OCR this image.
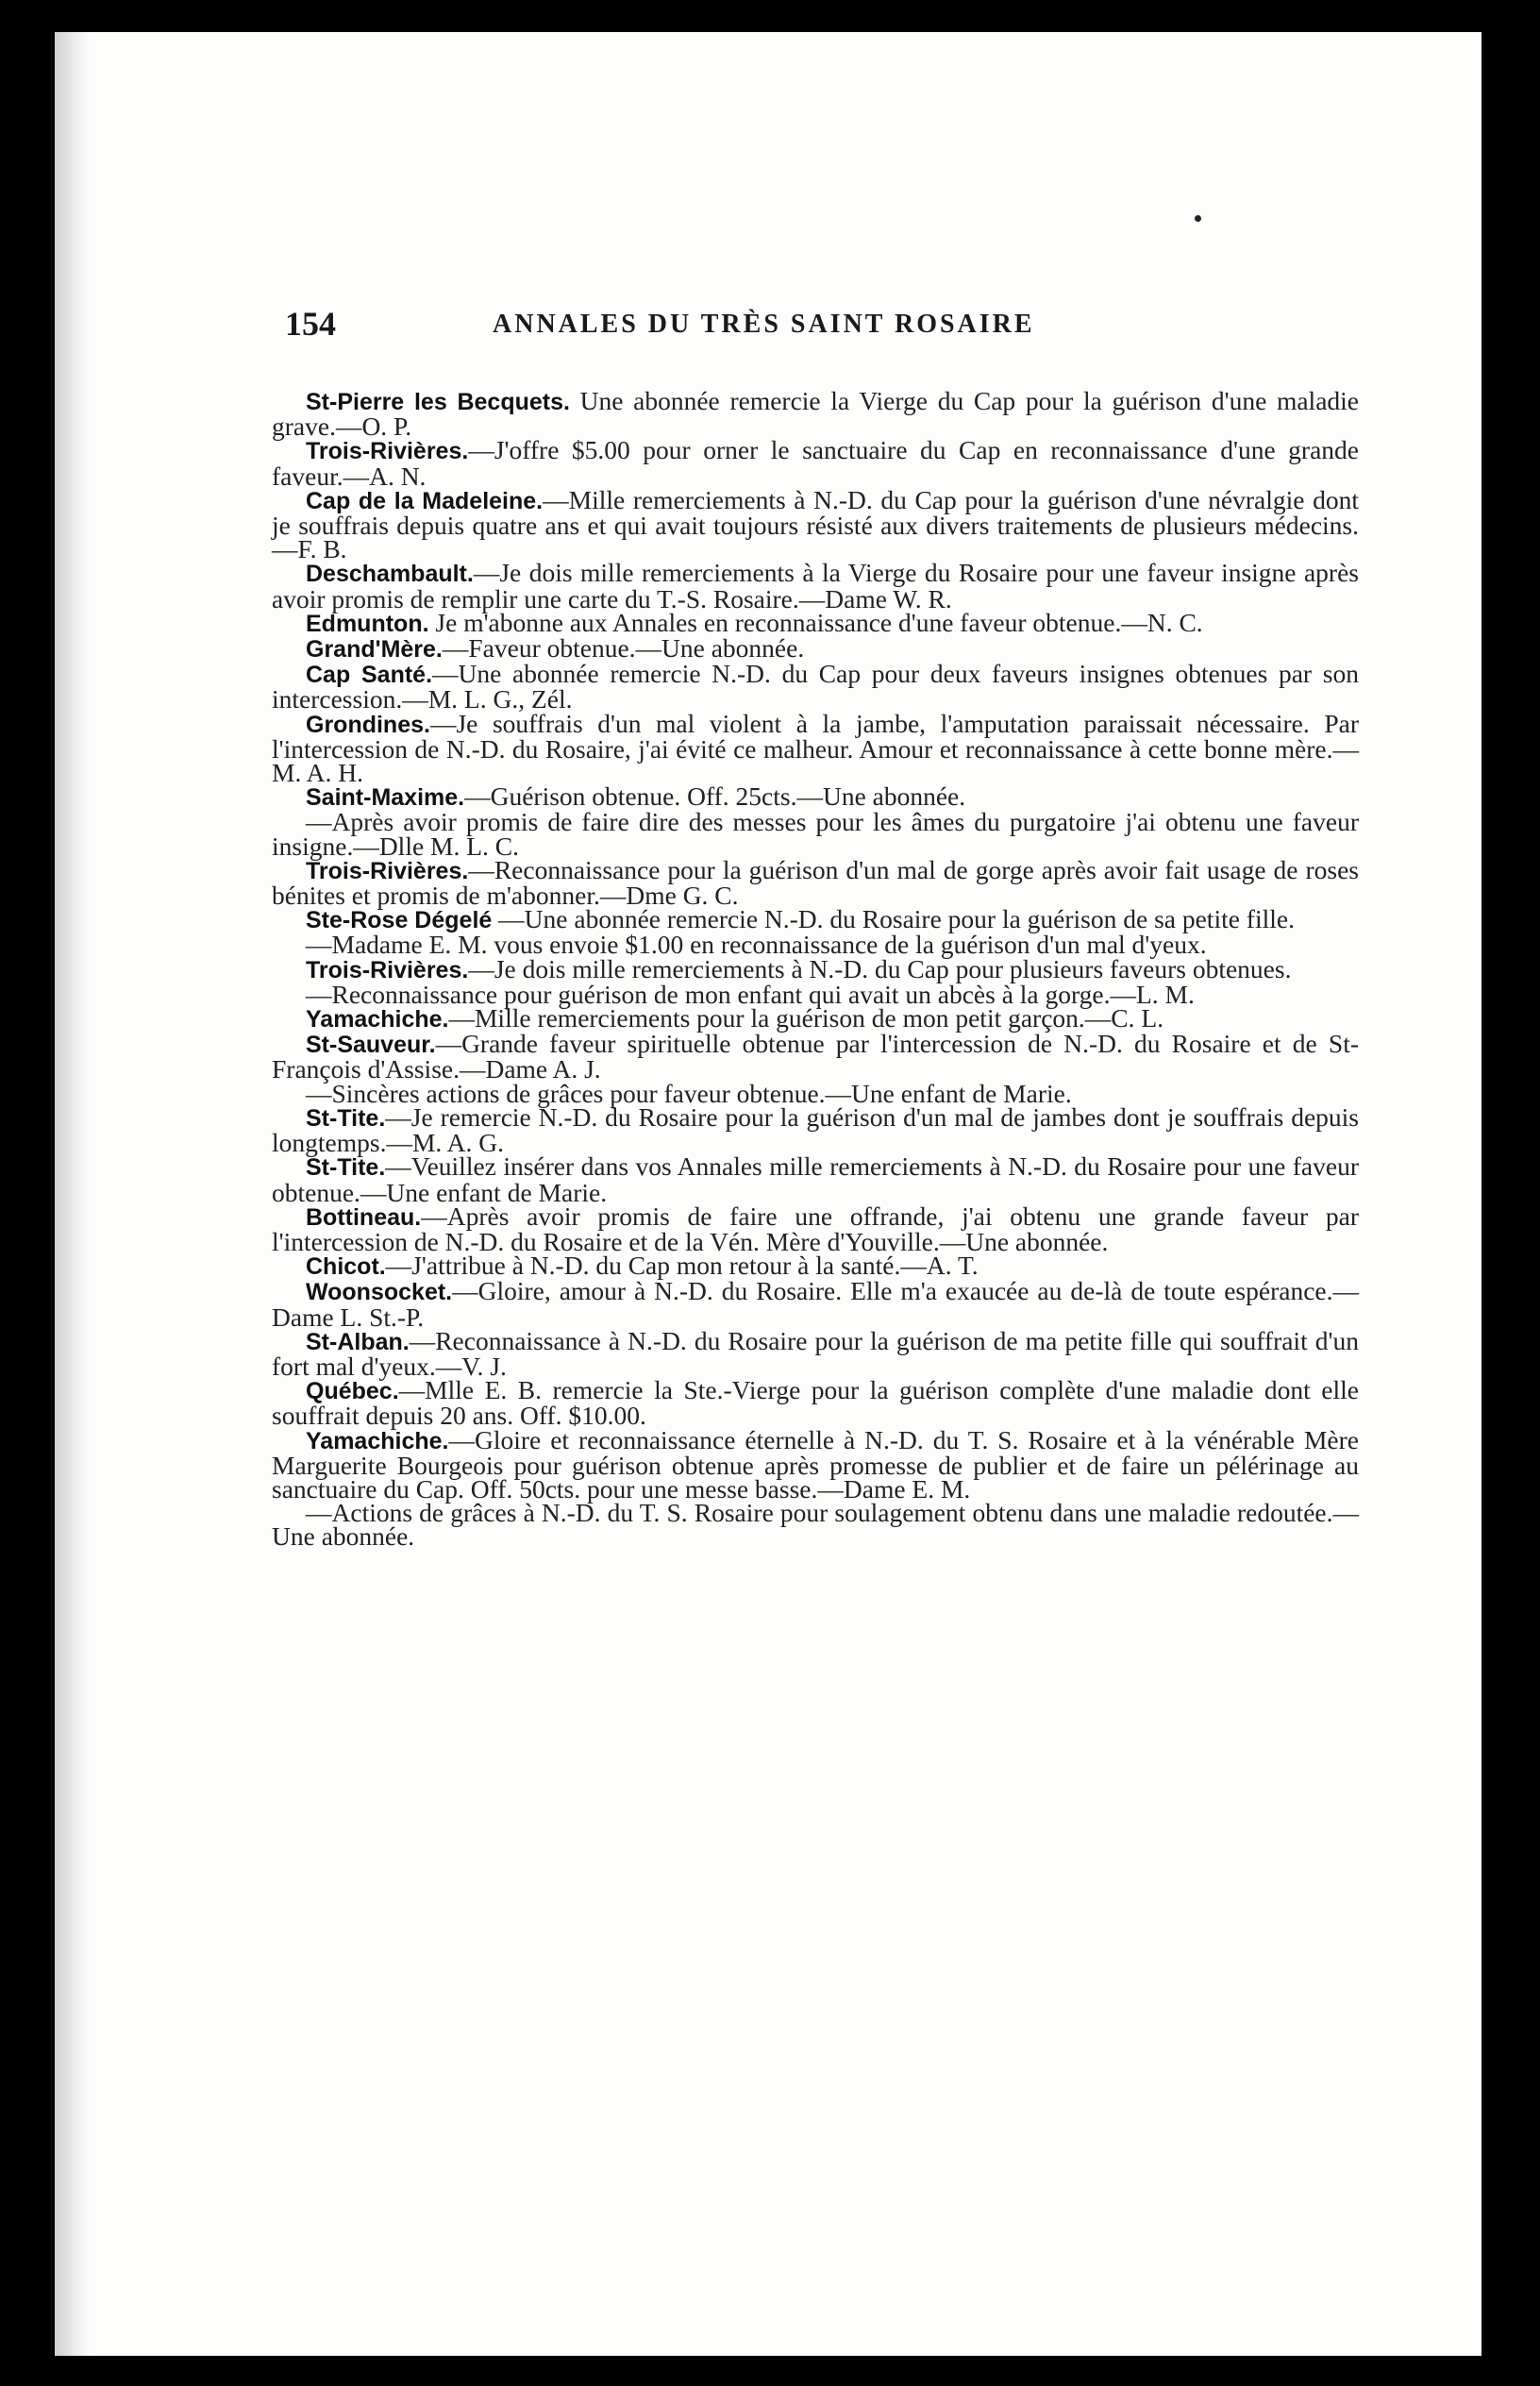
154	ANNALES DU TRÈS SAINT ROSAIRE

St-Pierre les Becquets. Une abonnée remercie la Vierge du Cap pour la guérison d'une maladie grave.—O. P.

Trois-Rivières.—J'offre $5.00 pour orner le sanctuaire du Cap en reconnaissance d'une grande faveur.—A. N.

Cap de la Madeleine.—Mille remerciements à N.-D. du Cap pour la guérison d'une névralgie dont je souffrais depuis quatre ans et qui avait toujours résisté aux divers traitements de plusieurs médecins.—F. B.

Deschambault.—Je dois mille remerciements à la Vierge du Rosaire pour une faveur insigne après avoir promis de remplir une carte du T.-S. Rosaire.—Dame W. R.

Edmunton. Je m'abonne aux Annales en reconnaissance d'une faveur obtenue.—N. C.

Grand'Mère.—Faveur obtenue.—Une abonnée.

Cap Santé.—Une abonnée remercie N.-D. du Cap pour deux faveurs insignes obtenues par son intercession.—M. L. G., Zél.

Grondines.—Je souffrais d'un mal violent à la jambe, l'amputation paraissait nécessaire. Par l'intercession de N.-D. du Rosaire, j'ai évité ce malheur. Amour et reconnaissance à cette bonne mère.—M. A. H.

Saint-Maxime.—Guérison obtenue. Off. 25cts.—Une abonnée.

—Après avoir promis de faire dire des messes pour les âmes du purgatoire j'ai obtenu une faveur insigne.—Dlle M. L. C.

Trois-Rivières.—Reconnaissance pour la guérison d'un mal de gorge après avoir fait usage de roses bénites et promis de m'abonner.—Dme G. C.

Ste-Rose Dégelé —Une abonnée remercie N.-D. du Rosaire pour la guérison de sa petite fille.

—Madame E. M. vous envoie $1.00 en reconnaissance de la guérison d'un mal d'yeux.

Trois-Rivières.—Je dois mille remerciements à N.-D. du Cap pour plusieurs faveurs obtenues.

—Reconnaissance pour guérison de mon enfant qui avait un abcès à la gorge.—L. M.

Yamachiche.—Mille remerciements pour la guérison de mon petit garçon.—C. L.

St-Sauveur.—Grande faveur spirituelle obtenue par l'intercession de N.-D. du Rosaire et de St-François d'Assise.—Dame A. J.

—Sincères actions de grâces pour faveur obtenue.—Une enfant de Marie.

St-Tite.—Je remercie N.-D. du Rosaire pour la guérison d'un mal de jambes dont je souffrais depuis longtemps.—M. A. G.

St-Tite.—Veuillez insérer dans vos Annales mille remerciements à N.-D. du Rosaire pour une faveur obtenue.—Une enfant de Marie.

Bottineau.—Après avoir promis de faire une offrande, j'ai obtenu une grande faveur par l'intercession de N.-D. du Rosaire et de la Vén. Mère d'Youville.—Une abonnée.

Chicot.—J'attribue à N.-D. du Cap mon retour à la santé.—A. T.

Woonsocket.—Gloire, amour à N.-D. du Rosaire. Elle m'a exaucée au de-là de toute espérance.—Dame L. St.-P.

St-Alban.—Reconnaissance à N.-D. du Rosaire pour la guérison de ma petite fille qui souffrait d'un fort mal d'yeux.—V. J.

Québec.—Mlle E. B. remercie la Ste.-Vierge pour la guérison complète d'une maladie dont elle souffrait depuis 20 ans. Off. $10.00.

Yamachiche.—Gloire et reconnaissance éternelle à N.-D. du T. S. Rosaire et à la vénérable Mère Marguerite Bourgeois pour guérison obtenue après promesse de publier et de faire un pélérinage au sanctuaire du Cap. Off. 50cts. pour une messe basse.—Dame E. M.

—Actions de grâces à N.-D. du T. S. Rosaire pour soulagement obtenu dans une maladie redoutée.—Une abonnée.
